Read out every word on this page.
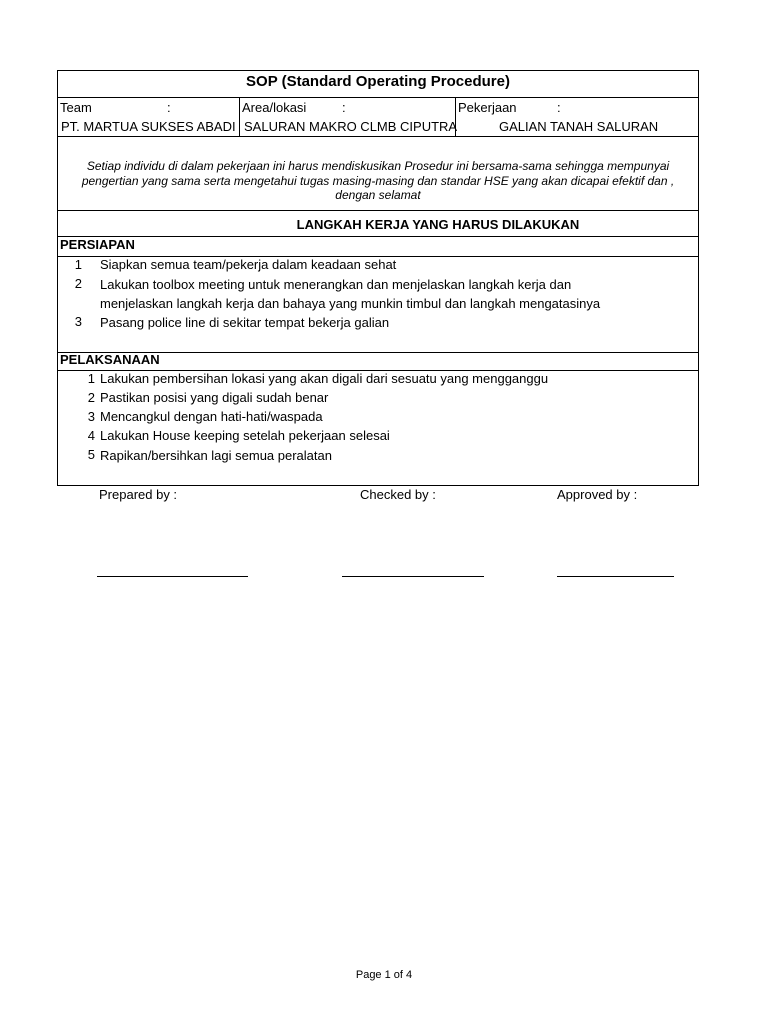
SOP (Standard Operating Procedure)
Team	:
PT. MARTUA SUKSES ABADI
Area/lokasi	:
SALURAN MAKRO CLMB CIPUTRA
Pekerjaan	:
GALIAN TANAH SALURAN

Setiap individu di dalam pekerjaan ini harus mendiskusikan Prosedur ini bersama-sama sehingga mempunyai

pengertian yang sama serta mengetahui tugas masing-masing dan standar HSE yang akan dicapai efektif dan ,

dengan selamat

LANGKAH KERJA YANG HARUS DILAKUKAN
PERSIAPAN
1 Siapkan semua team/pekerja dalam keadaan sehat
2 Lakukan toolbox meeting untuk menerangkan dan menjelaskan langkah kerja dan
menjelaskan langkah kerja dan bahaya yang munkin timbul dan langkah mengatasinya
3 Pasang police line di sekitar tempat bekerja galian
PELAKSANAAN
1 Lakukan pembersihan lokasi yang akan digali dari sesuatu yang mengganggu
2 Pastikan posisi yang digali sudah benar
3 Mencangkul dengan hati-hati/waspada
4 Lakukan House keeping setelah pekerjaan selesai
5 Rapikan/bersihkan lagi semua peralatan
Prepared by :	Checked by :	Approved by :
Page 1 of 4
